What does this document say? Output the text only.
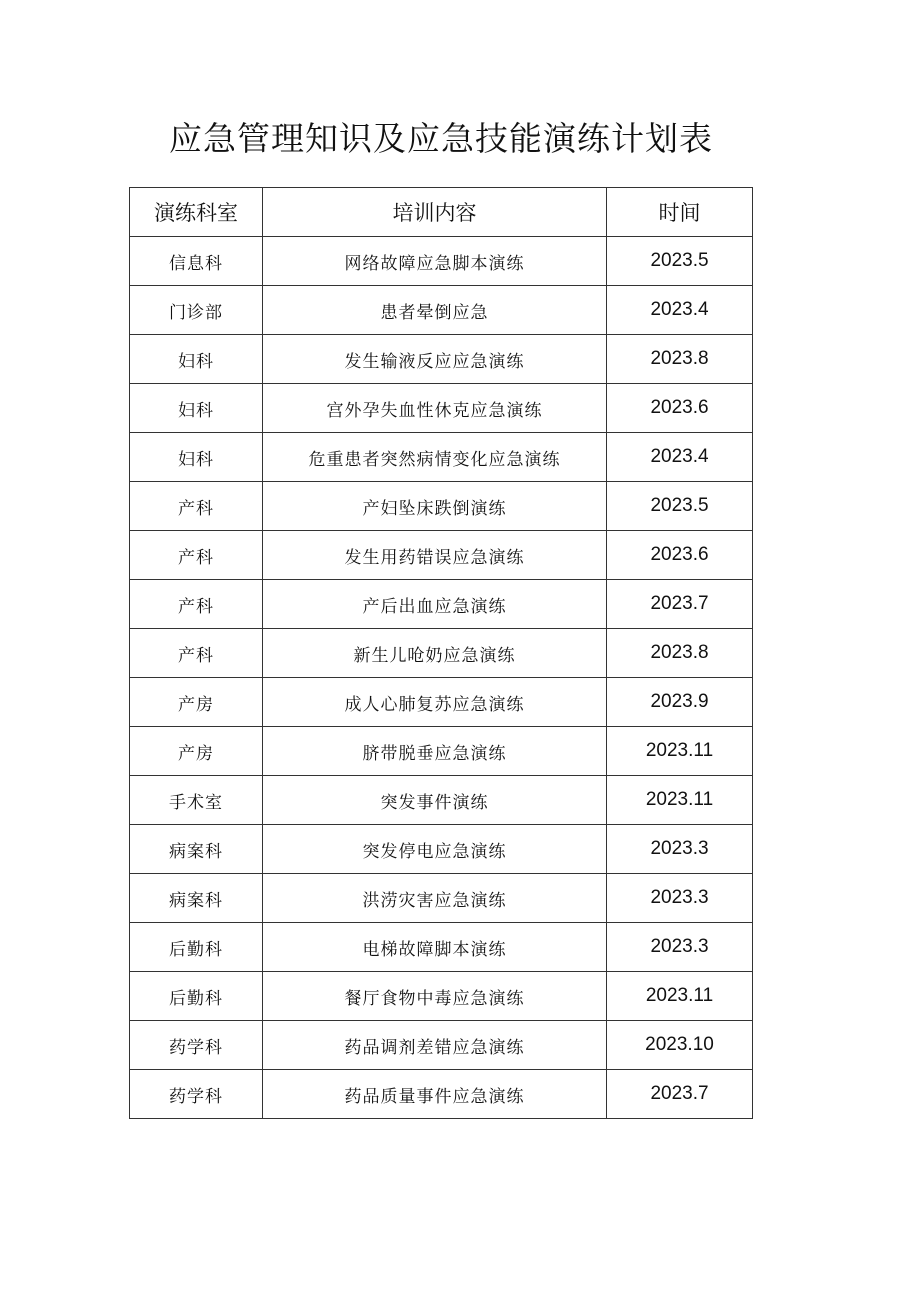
应急管理知识及应急技能演练计划表
演练科室	培训内容	时间
信息科	网络故障应急脚本演练	2023.5
门诊部	患者晕倒应急	2023.4
妇科	发生输液反应应急演练	2023.8
妇科	宫外孕失血性休克应急演练	2023.6
妇科	危重患者突然病情变化应急演练	2023.4
产科	产妇坠床跌倒演练	2023.5
产科	发生用药错误应急演练	2023.6
产科	产后出血应急演练	2023.7
产科	新生儿呛奶应急演练	2023.8
产房	成人心肺复苏应急演练	2023.9
产房	脐带脱垂应急演练	2023.11
手术室	突发事件演练	2023.11
病案科	突发停电应急演练	2023.3
病案科	洪涝灾害应急演练	2023.3
后勤科	电梯故障脚本演练	2023.3
后勤科	餐厅食物中毒应急演练	2023.11
药学科	药品调剂差错应急演练	2023.10
药学科	药品质量事件应急演练	2023.7
